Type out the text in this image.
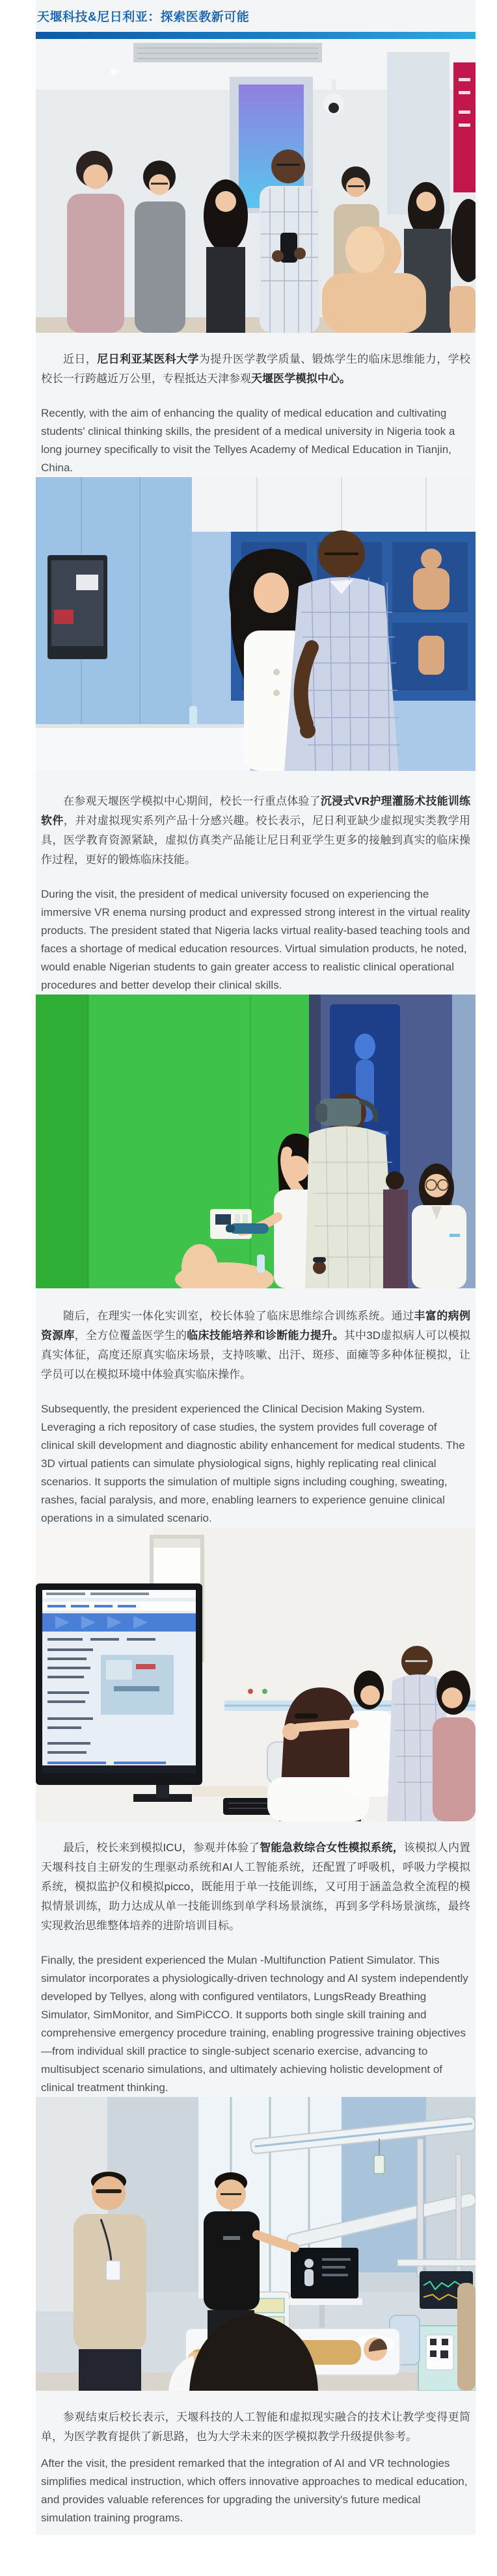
天堰科技&尼日利亚：探索医教新可能

近日，尼日利亚某医科大学为提升医学教学质量、锻炼学生的临床思维能力，学校校长一行跨越近万公里，专程抵达天津参观天堰医学模拟中心。

Recently, with the aim of enhancing the quality of medical education and cultivating students' clinical thinking skills, the president of a medical university in Nigeria took a long journey specifically to visit the Tellyes Academy of Medical Education in Tianjin, China.

在参观天堰医学模拟中心期间，校长一行重点体验了沉浸式VR护理灌肠术技能训练软件，并对虚拟现实系列产品十分感兴趣。校长表示，尼日利亚缺少虚拟现实类教学用具，医学教育资源紧缺，虚拟仿真类产品能让尼日利亚学生更多的接触到真实的临床操作过程，更好的锻炼临床技能。

During the visit, the president of medical university focused on experiencing the immersive VR enema nursing product and expressed strong interest in the virtual reality products. The president stated that Nigeria lacks virtual reality-based teaching tools and faces a shortage of medical education resources. Virtual simulation products, he noted, would enable Nigerian students to gain greater access to realistic clinical operational procedures and better develop their clinical skills.

随后，在理实一体化实训室，校长体验了临床思维综合训练系统。通过丰富的病例资源库，全方位覆盖医学生的临床技能培养和诊断能力提升。其中3D虚拟病人可以模拟真实体征，高度还原真实临床场景，支持咳嗽、出汗、斑疹、面瘫等多种体征模拟，让学员可以在模拟环境中体验真实临床操作。

Subsequently, the president experienced the Clinical Decision Making System. Leveraging a rich repository of case studies, the system provides full coverage of clinical skill development and diagnostic ability enhancement for medical students. The 3D virtual patients can simulate physiological signs, highly replicating real clinical scenarios. It supports the simulation of multiple signs including coughing, sweating, rashes, facial paralysis, and more, enabling learners to experience genuine clinical operations in a simulated scenario.

最后，校长来到模拟ICU，参观并体验了智能急救综合女性模拟系统，该模拟人内置天堰科技自主研发的生理驱动系统和AI人工智能系统，还配置了呼吸机，呼吸力学模拟系统，模拟监护仪和模拟picco，既能用于单一技能训练，又可用于涵盖急救全流程的模拟情景训练，助力达成从单一技能训练到单学科场景演练，再到多学科场景演练，最终实现救治思维整体培养的进阶培训目标。

Finally, the president experienced the Mulan -Multifunction Patient Simulator. This simulator incorporates a physiologically-driven technology and AI system independently developed by Tellyes, along with configured ventilators, LungsReady Breathing Simulator, SimMonitor, and SimPiCCO. It supports both single skill training and comprehensive emergency procedure training, enabling progressive training objectives—from individual skill practice to single-subject scenario exercise, advancing to multisubject scenario simulations, and ultimately achieving holistic development of clinical treatment thinking.

参观结束后校长表示，天堰科技的人工智能和虚拟现实融合的技术让教学变得更简单，为医学教育提供了新思路，也为大学未来的医学模拟教学升级提供参考。

After the visit, the president remarked that the integration of AI and VR technologies simplifies medical instruction, which offers innovative approaches to medical education, and provides valuable references for upgrading the university's future medical simulation training programs.
